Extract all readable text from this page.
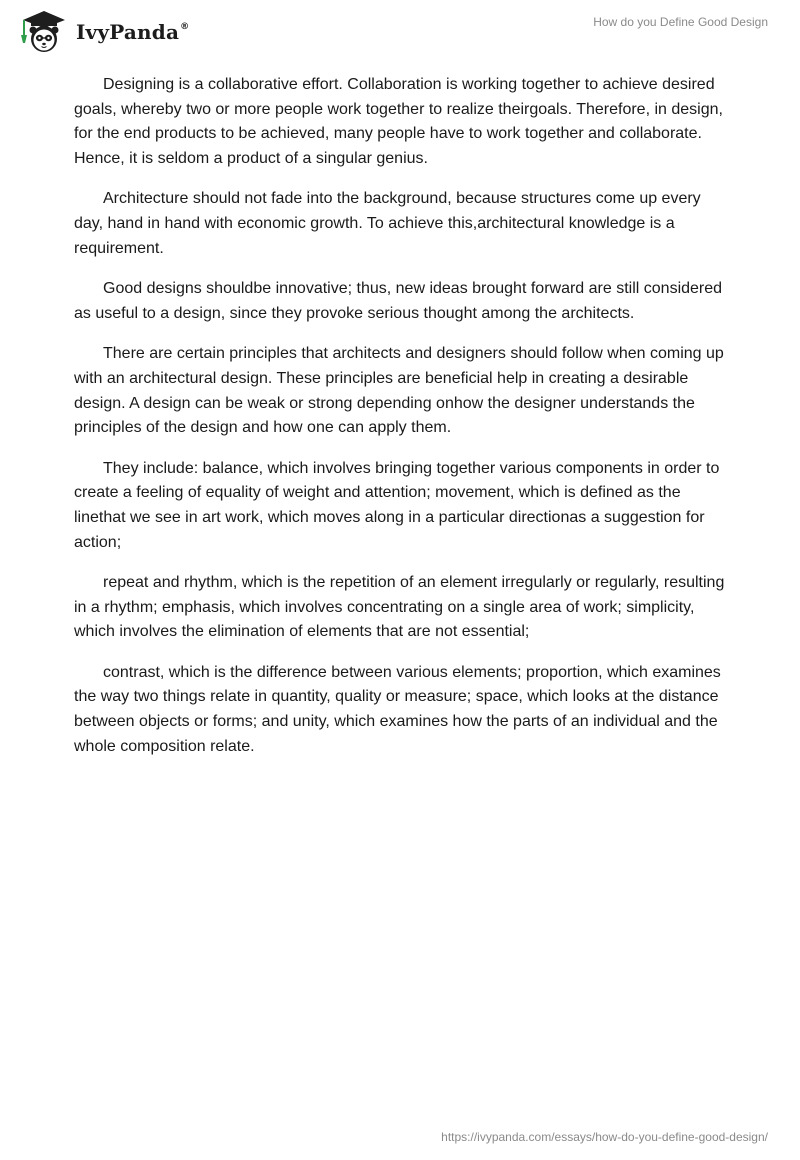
IvyPanda®	How do you Define Good Design

Designing is a collaborative effort. Collaboration is working together to achieve desired goals, whereby two or more people work together to realize theirgoals. Therefore, in design, for the end products to be achieved, many people have to work together and collaborate. Hence, it is seldom a product of a singular genius.

Architecture should not fade into the background, because structures come up every day, hand in hand with economic growth. To achieve this,architectural knowledge is a requirement.

Good designs shouldbe innovative; thus, new ideas brought forward are still considered as useful to a design, since they provoke serious thought among the architects.

There are certain principles that architects and designers should follow when coming up with an architectural design. These principles are beneficial help in creating a desirable design. A design can be weak or strong depending onhow the designer understands the principles of the design and how one can apply them.

They include: balance, which involves bringing together various components in order to create a feeling of equality of weight and attention; movement, which is defined as the linethat we see in art work, which moves along in a particular directionas a suggestion for action;

repeat and rhythm, which is the repetition of an element irregularly or regularly, resulting in a rhythm; emphasis, which involves concentrating on a single area of work; simplicity, which involves the elimination of elements that are not essential;

contrast, which is the difference between various elements; proportion, which examines the way two things relate in quantity, quality or measure; space, which looks at the distance between objects or forms; and unity, which examines how the parts of an individual and the whole composition relate.

https://ivypanda.com/essays/how-do-you-define-good-design/
